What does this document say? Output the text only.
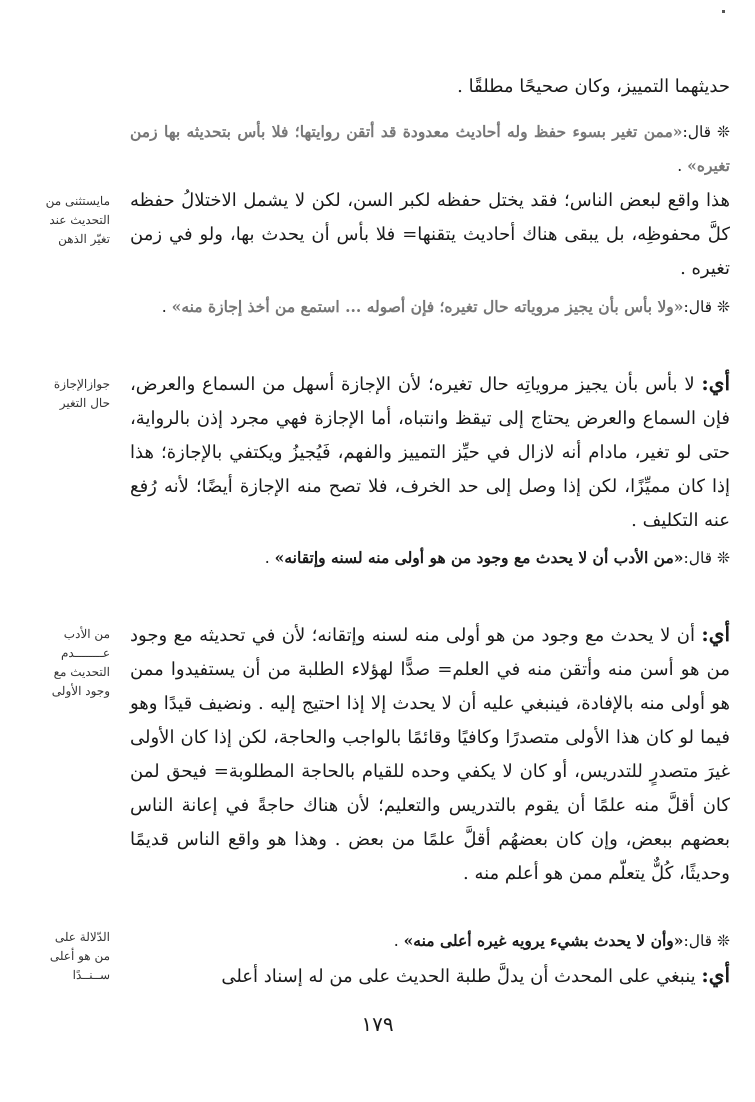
حديثهما التمييز، وكان صحيحًا مطلقًا .
❊ قال:«ممن تغير بسوء حفظ وله أحاديث معدودة قد أتقن روايتها؛ فلا بأس بتحديثه بها زمن تغيره» .
هذا واقع لبعض الناس؛ فقد يختل حفظه لكبر السن، لكن لا يشمل الاختلالُ حفظه كلَّ محفوظِه، بل يبقى هناك أحاديث يتقنها= فلا بأس أن يحدث بها، ولو في زمن تغيره .
❊ قال:«ولا بأس بأن يجيز مروياته حال تغيره؛ فإن أصوله ... استمع من أخذ إجازة منه» .
أي: لا بأس بأن يجيز مروياتِه حال تغيره؛ لأن الإجازة أسهل من السماع والعرض، فإن السماع والعرض يحتاج إلى تيقظ وانتباه، أما الإجازة فهي مجرد إذن بالرواية، حتى لو تغير، مادام أنه لازال في حيِّز التمييز والفهم، فَيُجيزُ ويكتفي بالإجازة؛ هذا إذا كان مميِّزًا، لكن إذا وصل إلى حد الخرف، فلا تصح منه الإجازة أيضًا؛ لأنه رُفع عنه التكليف .
❊ قال:«من الأدب أن لا يحدث مع وجود من هو أولى منه لسنه وإتقانه» .
أي: أن لا يحدث مع وجود من هو أولى منه لسنه وإتقانه؛ لأن في تحديثه مع وجود من هو أسن منه وأتقن منه في العلم= صدًّا لهؤلاء الطلبة من أن يستفيدوا ممن هو أولى منه بالإفادة، فينبغي عليه أن لا يحدث إلا إذا احتيج إليه . ونضيف قيدًا وهو فيما لو كان هذا الأولى متصدرًا وكافيًا وقائمًا بالواجب والحاجة، لكن إذا كان الأولى غيرَ متصدرٍ للتدريس، أو كان لا يكفي وحده للقيام بالحاجة المطلوبة= فيحق لمن كان أقلَّ منه علمًا أن يقوم بالتدريس والتعليم؛ لأن هناك حاجةً في إعانة الناس بعضهم ببعض، وإن كان بعضهُم أقلَّ علمًا من بعض . وهذا هو واقع الناس قديمًا وحديثًا، كُلٌّ يتعلّم ممن هو أعلم منه .
❊ قال:«وأن لا يحدث بشيء يرويه غيره أعلى منه» .
أي: ينبغي على المحدث أن يدلَّ طلبة الحديث على من له إسناد أعلى
مايستثنى من
التحديث عند
تغيّر الذهن
جوازالإجازة
حال التغير
من الأدب
عــــــــدم
التحديث مع
وجود الأولى
الدّلالة على
من هو أعلى
ســنــدًا
١٧٩
